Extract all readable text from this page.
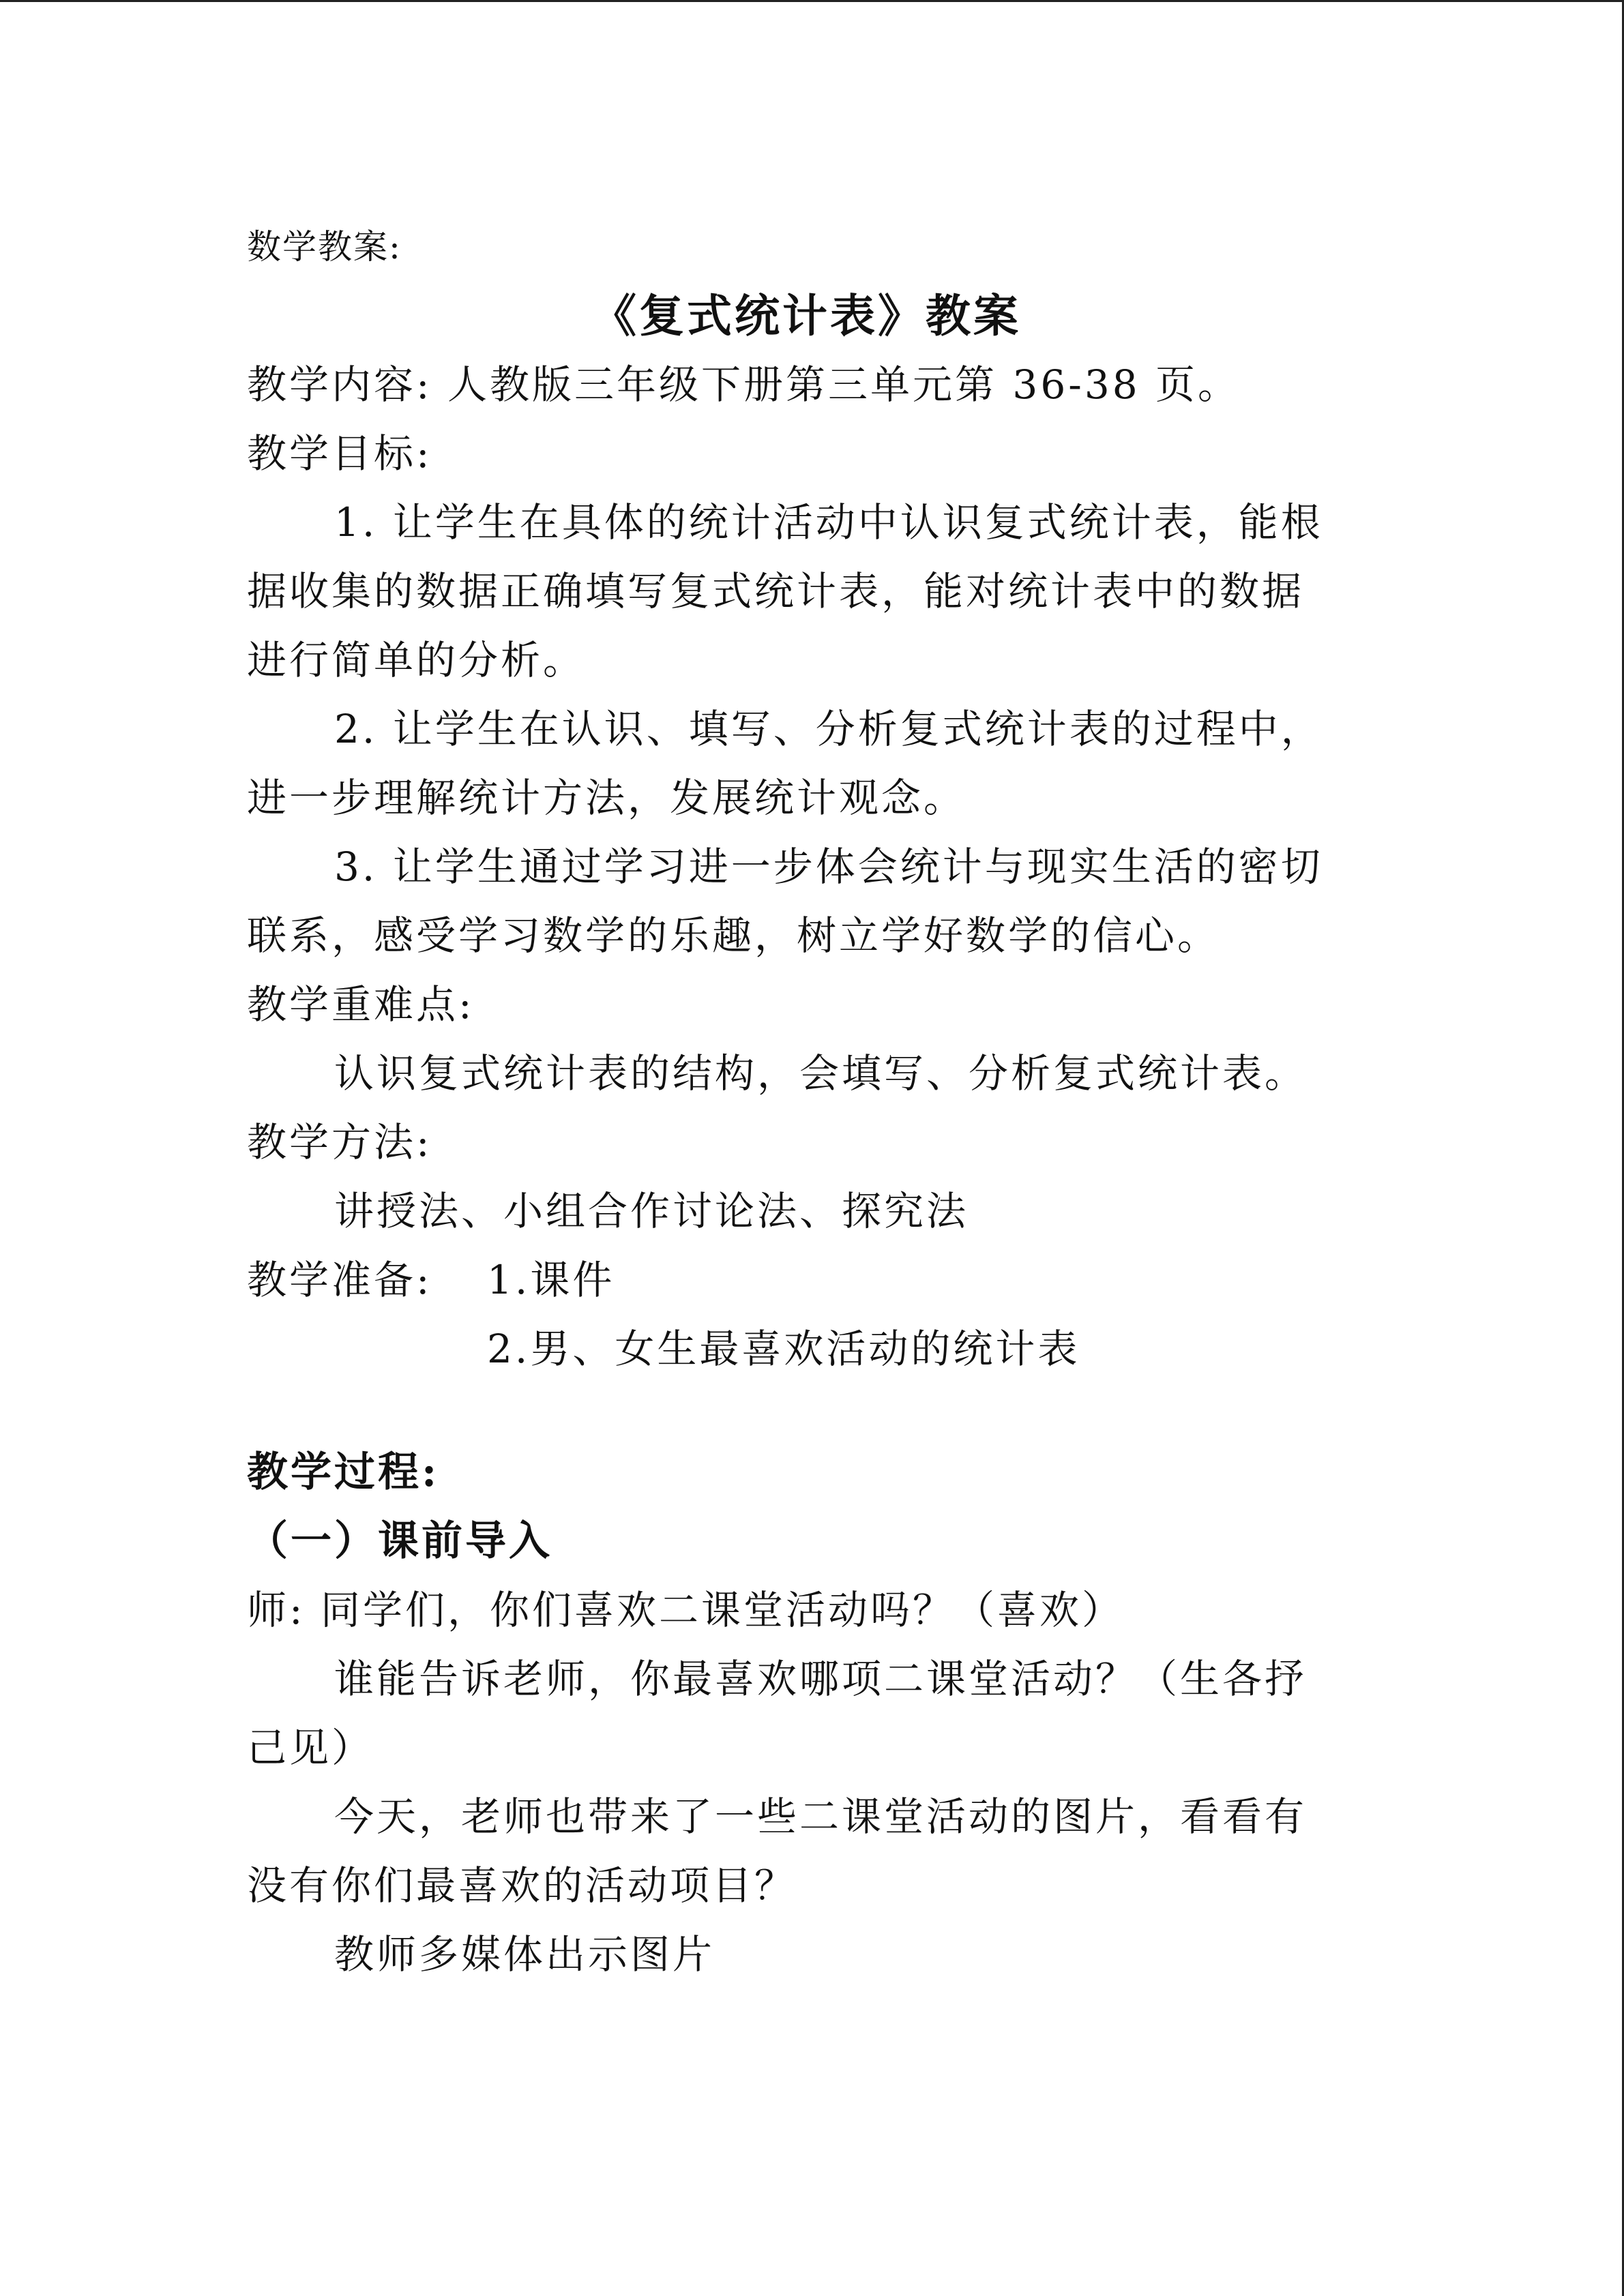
数学教案:
《复式统计表》教案
教学内容: 人教版三年级下册第三单元第 36-38 页。
教学目标:
1. 让学生在具体的统计活动中认识复式统计表，能根
据收集的数据正确填写复式统计表，能对统计表中的数据
进行简单的分析。
2. 让学生在认识、填写、分析复式统计表的过程中，
进一步理解统计方法，发展统计观念。
3. 让学生通过学习进一步体会统计与现实生活的密切
联系，感受学习数学的乐趣，树立学好数学的信心。
教学重难点:
认识复式统计表的结构，会填写、分析复式统计表。
教学方法:
讲授法、小组合作讨论法、探究法
教学准备:	1.课件
2.男、女生最喜欢活动的统计表
教学过程:
（一）课前导入
师: 同学们，你们喜欢二课堂活动吗？（喜欢）
谁能告诉老师，你最喜欢哪项二课堂活动？（生各抒
己见）
今天，老师也带来了一些二课堂活动的图片，看看有
没有你们最喜欢的活动项目？
教师多媒体出示图片
